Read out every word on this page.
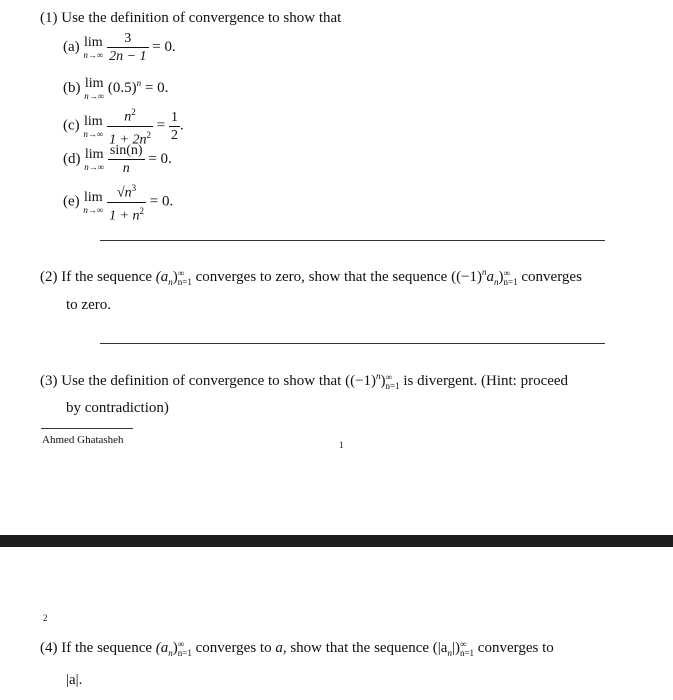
(1) Use the definition of convergence to show that
(a) lim
n→∞
$\frac{3}{2n - 1} = 0$.
(b) lim
n→∞
$(0.5)^n = 0$.
(c) lim
n→∞
$\frac{n^2}{1 + 2n^2} = \frac{1}{2}$ .
(d) lim
n→∞
$\frac{\sin(n)}{n} = 0$.
(e) lim
n→∞
$\frac{√n^3}{1 + n^2} = 0$.
(2) If the sequence $(a_n)$ ∞
n=1 converges to zero, show that the sequence $((-1)^na_n)$ ∞
n=1 converges
to zero.
(3) Use the definition of convergence to show that $((-1)^n)$ ∞
n=1 is divergent. (Hint: proceed
by contradiction)
Ahmed Ghatasheh	1
2
(4) If the sequence $(a_n)$ ∞
n=1 converges to a, show that the sequence $(|a_n|)$ ∞
n=1 converges to
|a|.
